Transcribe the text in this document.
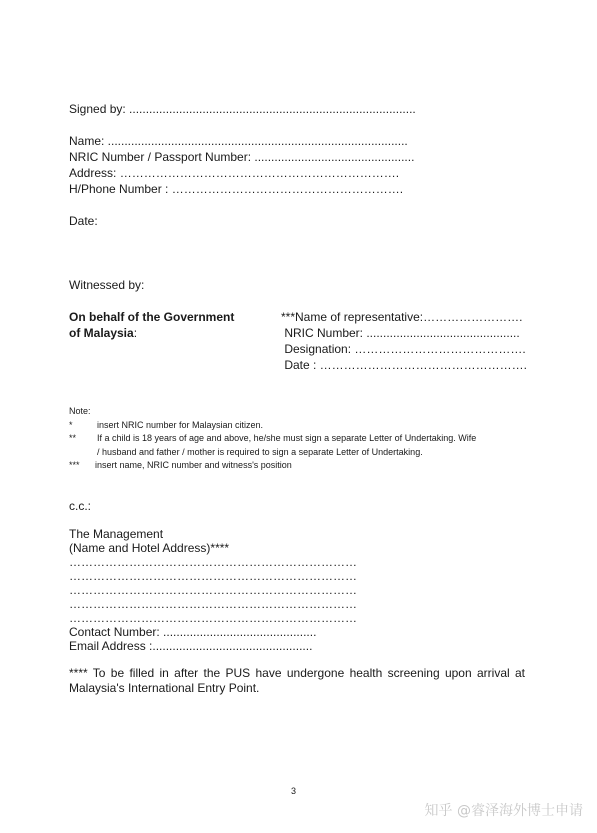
Signed by: ......................................................................................
Name: ..........................................................................................
NRIC Number / Passport Number: ................................................
Address: …………………………………………………………….
H/Phone Number : ………………………………………………….
Date:
Witnessed by:
On behalf of the Government
of Malaysia:
***Name of representative:…………………….
NRIC Number: ..............................................
Designation: …………………………………….
Date : …………………………………………….
Note:
*	insert NRIC number for Malaysian citizen.
** If a child is 18 years of age and above, he/she must sign a separate Letter of Undertaking. Wife
/ husband and father / mother is required to sign a separate Letter of Undertaking.
*** insert name, NRIC number and witness's position
c.c.:
The Management
(Name and Hotel Address)****
………………………………………………………………
………………………………………………………………
………………………………………………………………
………………………………………………………………
………………………………………………………………
Contact Number: ..............................................
Email Address :................................................
**** To be filled in after the PUS have undergone health screening upon arrival at Malaysia's International Entry Point.
3
知乎 @睿泽海外博士申请
